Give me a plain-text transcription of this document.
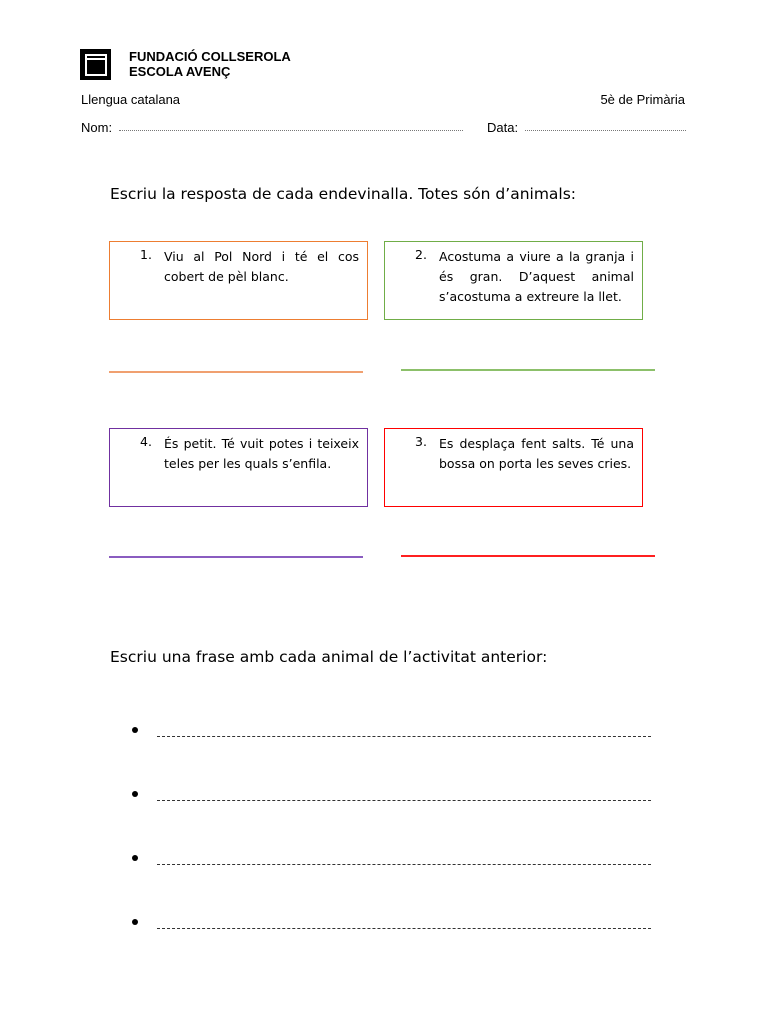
FUNDACIÓ COLLSEROLA
ESCOLA AVENÇ
Llengua catalana	5è de Primària
Nom:	Data:
Escriu la resposta de cada endevinalla. Totes són d’animals:
1. Viu al Pol Nord i té el cos cobert de pèl blanc.
2. Acostuma a viure a la granja i és gran. D’aquest animal s’acostuma a extreure la llet.
4. És petit. Té vuit potes i teixeix teles per les quals s’enfila.
3. Es desplaça fent salts. Té una bossa on porta les seves cries.
Escriu una frase amb cada animal de l’activitat anterior:
